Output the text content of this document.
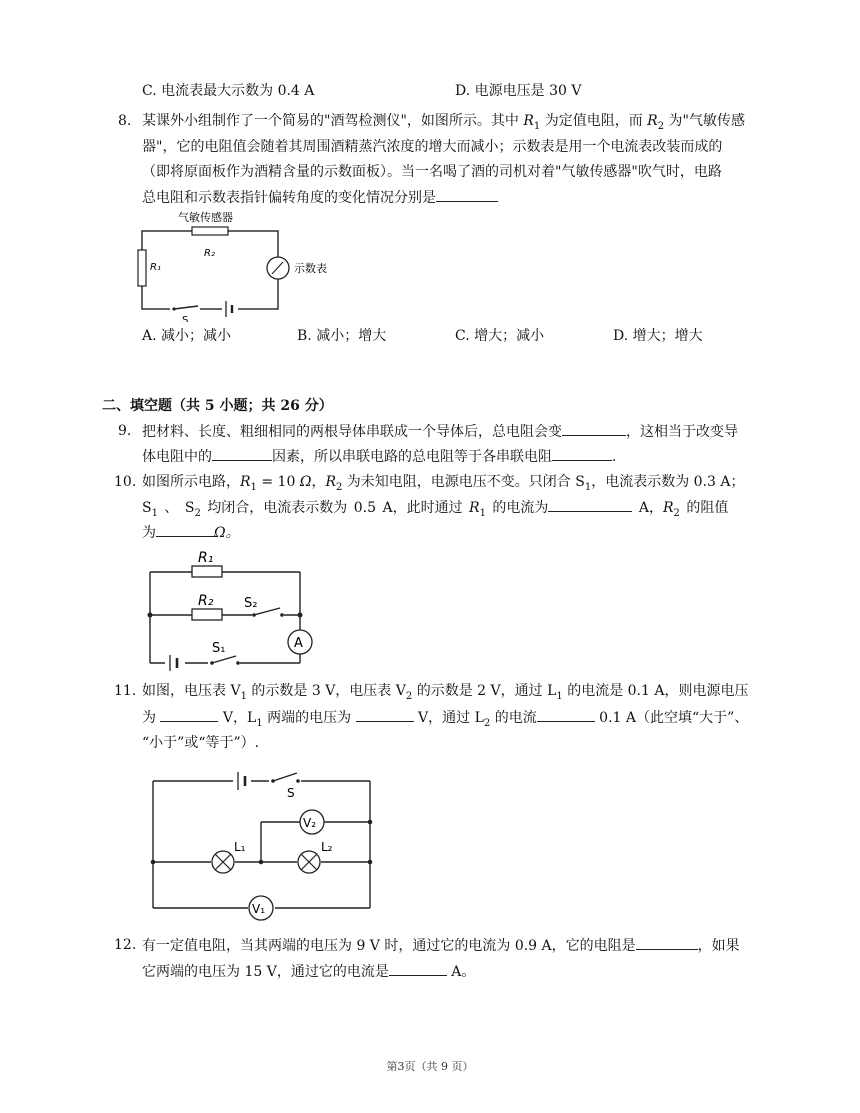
C. 电流表最大示数为 0.4 A	D. 电源电压是 30 V
8. 某课外小组制作了一个简易的"酒驾检测仪"，如图所示。其中 $R_1$ 为定值电阻，而 $R_2$ 为"气敏传感
器"，它的电阻值会随着其周围酒精蒸汽浓度的增大而减小；示数表是用一个电流表改装而成的
（即将原面板作为酒精含量的示数面板）。当一名喝了酒的司机对着"气敏传感器"吹气时，电路
总电阻和示数表指针偏转角度的变化情况分别是
气敏传感器
R₂
R₁	示数表
S
A. 减小；减小	B. 减小；增大	C. 增大；减小	D. 增大；增大
二、填空题（共 5 小题；共 26 分）
9. 把材料、长度、粗细相同的两根导体串联成一个导体后，总电阻会变	，这相当于改变导
体电阻中的	因素，所以串联电路的总电阻等于各串联电阻	.
10. 如图所示电路，$R_1 = 10$ Ω，$R_2$ 为未知电阻，电源电压不变。只闭合 $S_1$，电流表示数为 0.3 A；
$S_1$ 、 $S_2$ 均闭合，电流表示数为 0.5 A，此时通过 $R_1$ 的电流为	A，$R_2$ 的阻值
为	Ω。
R₁
R₂ S₂
A
S₁
11. 如图，电压表 $V_1$ 的示数是 3 V，电压表 $V_2$ 的示数是 2 V，通过 $L_1$ 的电流是 0.1 A，则电源电压
为	V，$L_1$ 两端的电压为	V，通过 $L_2$ 的电流	0.1 A（此空填“大于”、
“小于”或“等于”）.
S
L₁	L₂
V₂
V₁
12. 有一定值电阻，当其两端的电压为 9 V 时，通过它的电流为 0.9 A，它的电阻是	，如果
它两端的电压为 15 V，通过它的电流是	A。
第3页（共 9 页）
